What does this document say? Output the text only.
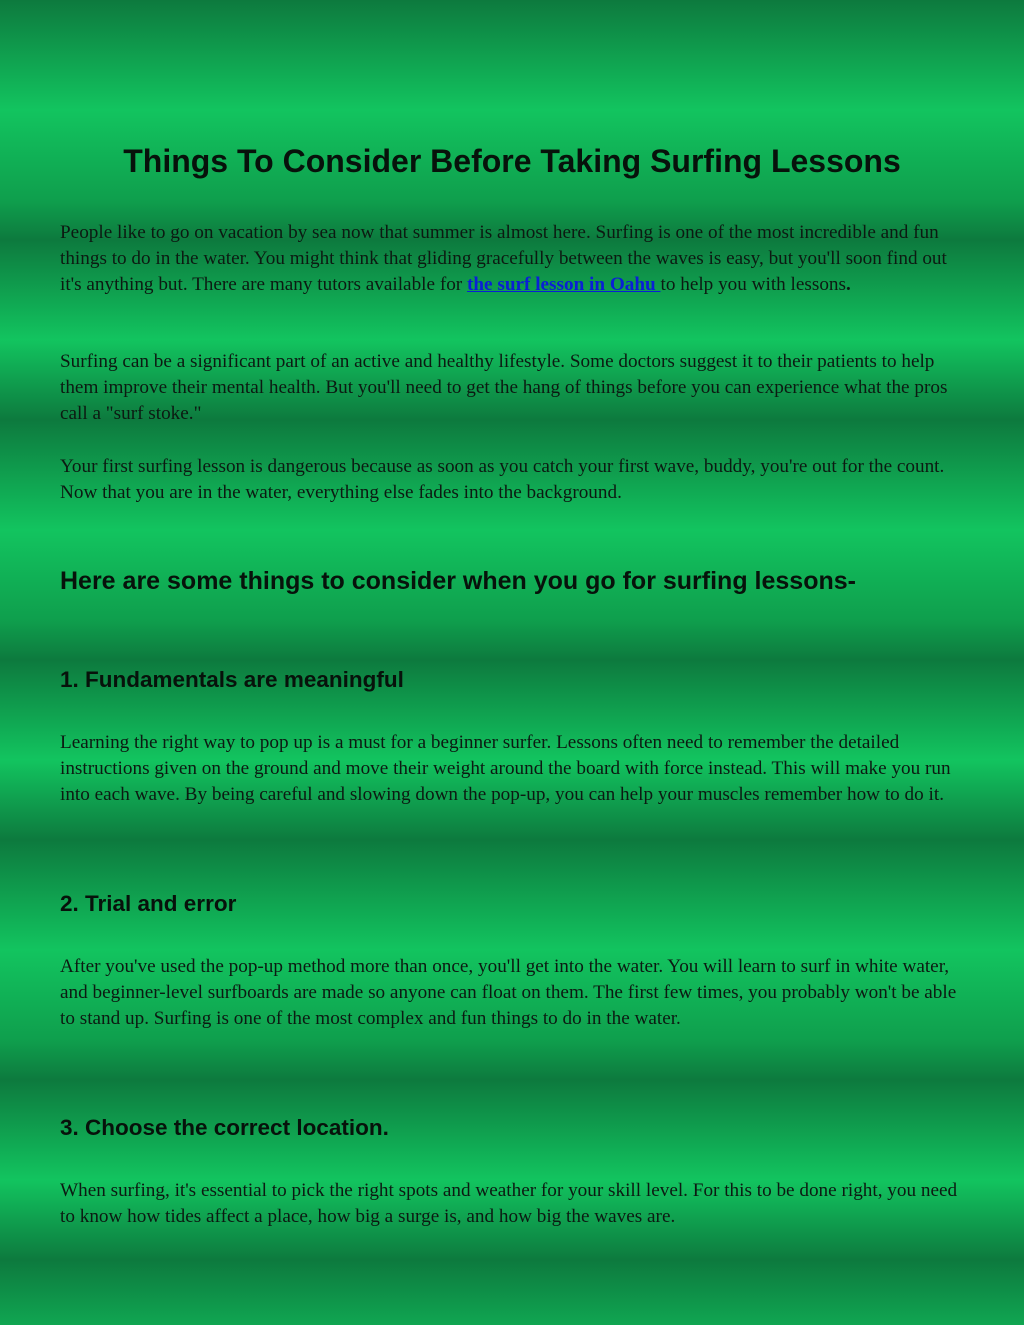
Things To Consider Before Taking Surfing Lessons

People like to go on vacation by sea now that summer is almost here. Surfing is one of the most incredible and fun things to do in the water. You might think that gliding gracefully between the waves is easy, but you'll soon find out it's anything but. There are many tutors available for the surf lesson in Oahu to help you with lessons.

Surfing can be a significant part of an active and healthy lifestyle. Some doctors suggest it to their patients to help them improve their mental health. But you'll need to get the hang of things before you can experience what the pros call a "surf stoke."

Your first surfing lesson is dangerous because as soon as you catch your first wave, buddy, you're out for the count. Now that you are in the water, everything else fades into the background.

Here are some things to consider when you go for surfing lessons-
1. Fundamentals are meaningful

Learning the right way to pop up is a must for a beginner surfer. Lessons often need to remember the detailed instructions given on the ground and move their weight around the board with force instead. This will make you run into each wave. By being careful and slowing down the pop-up, you can help your muscles remember how to do it.

2. Trial and error

After you've used the pop-up method more than once, you'll get into the water. You will learn to surf in white water, and beginner-level surfboards are made so anyone can float on them. The first few times, you probably won't be able to stand up. Surfing is one of the most complex and fun things to do in the water.

3. Choose the correct location.

When surfing, it's essential to pick the right spots and weather for your skill level. For this to be done right, you need to know how tides affect a place, how big a surge is, and how big the waves are.
